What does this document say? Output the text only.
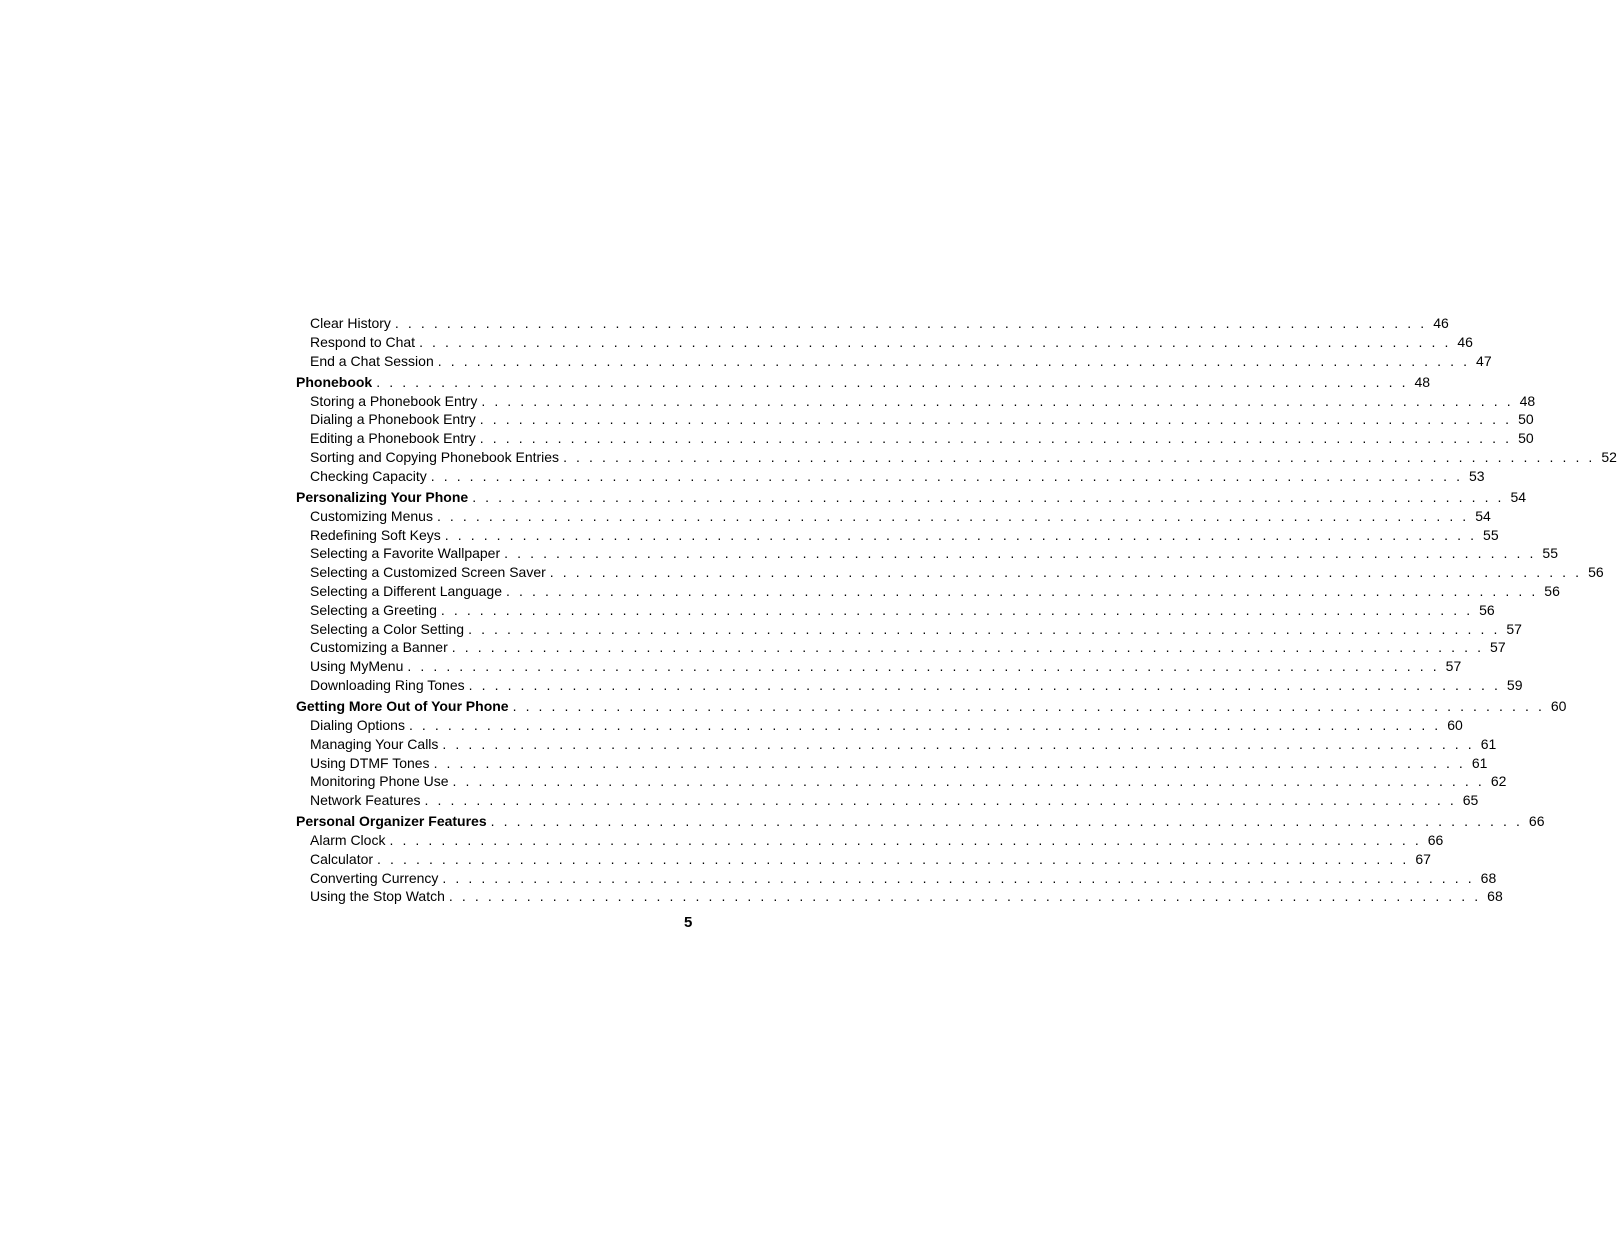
Clear History . . . . . . . . . . . . . . . . . . . . . . . . . . . . . . . . . . . . . . . . . . . . . . . . . . . . . . . . . . . . . . . . . . . . . . . . . . . . . . . . 46
Respond to Chat . . . . . . . . . . . . . . . . . . . . . . . . . . . . . . . . . . . . . . . . . . . . . . . . . . . . . . . . . . . . . . . . . . . . . . . . . . . . . . . . 46
End a Chat Session . . . . . . . . . . . . . . . . . . . . . . . . . . . . . . . . . . . . . . . . . . . . . . . . . . . . . . . . . . . . . . . . . . . . . . . . . . . . . . . . 47
Phonebook . . . . . . . . . . . . . . . . . . . . . . . . . . . . . . . . . . . . . . . . . . . . . . . . . . . . . . . . . . . . . . . . . . . . . . . . . . . . . . . . 48
Storing a Phonebook Entry . . . . . . . . . . . . . . . . . . . . . . . . . . . . . . . . . . . . . . . . . . . . . . . . . . . . . . . . . . . . . . . . . . . . . . . . . . . . . . . . 48
Dialing a Phonebook Entry . . . . . . . . . . . . . . . . . . . . . . . . . . . . . . . . . . . . . . . . . . . . . . . . . . . . . . . . . . . . . . . . . . . . . . . . . . . . . . . . 50
Editing a Phonebook Entry . . . . . . . . . . . . . . . . . . . . . . . . . . . . . . . . . . . . . . . . . . . . . . . . . . . . . . . . . . . . . . . . . . . . . . . . . . . . . . . . 50
Sorting and Copying Phonebook Entries . . . . . . . . . . . . . . . . . . . . . . . . . . . . . . . . . . . . . . . . . . . . . . . . . . . . . . . . . . . . . . . . . . . . . . . . . . . . . . . . 52
Checking Capacity . . . . . . . . . . . . . . . . . . . . . . . . . . . . . . . . . . . . . . . . . . . . . . . . . . . . . . . . . . . . . . . . . . . . . . . . . . . . . . . . 53
Personalizing Your Phone . . . . . . . . . . . . . . . . . . . . . . . . . . . . . . . . . . . . . . . . . . . . . . . . . . . . . . . . . . . . . . . . . . . . . . . . . . . . . . . . 54
Customizing Menus . . . . . . . . . . . . . . . . . . . . . . . . . . . . . . . . . . . . . . . . . . . . . . . . . . . . . . . . . . . . . . . . . . . . . . . . . . . . . . . . 54
Redefining Soft Keys . . . . . . . . . . . . . . . . . . . . . . . . . . . . . . . . . . . . . . . . . . . . . . . . . . . . . . . . . . . . . . . . . . . . . . . . . . . . . . . . 55
Selecting a Favorite Wallpaper . . . . . . . . . . . . . . . . . . . . . . . . . . . . . . . . . . . . . . . . . . . . . . . . . . . . . . . . . . . . . . . . . . . . . . . . . . . . . . . . 55
Selecting a Customized Screen Saver . . . . . . . . . . . . . . . . . . . . . . . . . . . . . . . . . . . . . . . . . . . . . . . . . . . . . . . . . . . . . . . . . . . . . . . . . . . . . . . . 56
Selecting a Different Language . . . . . . . . . . . . . . . . . . . . . . . . . . . . . . . . . . . . . . . . . . . . . . . . . . . . . . . . . . . . . . . . . . . . . . . . . . . . . . . . 56
Selecting a Greeting . . . . . . . . . . . . . . . . . . . . . . . . . . . . . . . . . . . . . . . . . . . . . . . . . . . . . . . . . . . . . . . . . . . . . . . . . . . . . . . . 56
Selecting a Color Setting . . . . . . . . . . . . . . . . . . . . . . . . . . . . . . . . . . . . . . . . . . . . . . . . . . . . . . . . . . . . . . . . . . . . . . . . . . . . . . . . 57
Customizing a Banner . . . . . . . . . . . . . . . . . . . . . . . . . . . . . . . . . . . . . . . . . . . . . . . . . . . . . . . . . . . . . . . . . . . . . . . . . . . . . . . . 57
Using MyMenu . . . . . . . . . . . . . . . . . . . . . . . . . . . . . . . . . . . . . . . . . . . . . . . . . . . . . . . . . . . . . . . . . . . . . . . . . . . . . . . . 57
Downloading Ring Tones . . . . . . . . . . . . . . . . . . . . . . . . . . . . . . . . . . . . . . . . . . . . . . . . . . . . . . . . . . . . . . . . . . . . . . . . . . . . . . . . 59
Getting More Out of Your Phone . . . . . . . . . . . . . . . . . . . . . . . . . . . . . . . . . . . . . . . . . . . . . . . . . . . . . . . . . . . . . . . . . . . . . . . . . . . . . . . . 60
Dialing Options . . . . . . . . . . . . . . . . . . . . . . . . . . . . . . . . . . . . . . . . . . . . . . . . . . . . . . . . . . . . . . . . . . . . . . . . . . . . . . . . 60
Managing Your Calls . . . . . . . . . . . . . . . . . . . . . . . . . . . . . . . . . . . . . . . . . . . . . . . . . . . . . . . . . . . . . . . . . . . . . . . . . . . . . . . . 61
Using DTMF Tones . . . . . . . . . . . . . . . . . . . . . . . . . . . . . . . . . . . . . . . . . . . . . . . . . . . . . . . . . . . . . . . . . . . . . . . . . . . . . . . . 61
Monitoring Phone Use . . . . . . . . . . . . . . . . . . . . . . . . . . . . . . . . . . . . . . . . . . . . . . . . . . . . . . . . . . . . . . . . . . . . . . . . . . . . . . . . 62
Network Features . . . . . . . . . . . . . . . . . . . . . . . . . . . . . . . . . . . . . . . . . . . . . . . . . . . . . . . . . . . . . . . . . . . . . . . . . . . . . . . . 65
Personal Organizer Features . . . . . . . . . . . . . . . . . . . . . . . . . . . . . . . . . . . . . . . . . . . . . . . . . . . . . . . . . . . . . . . . . . . . . . . . . . . . . . . . 66
Alarm Clock . . . . . . . . . . . . . . . . . . . . . . . . . . . . . . . . . . . . . . . . . . . . . . . . . . . . . . . . . . . . . . . . . . . . . . . . . . . . . . . . 66
Calculator . . . . . . . . . . . . . . . . . . . . . . . . . . . . . . . . . . . . . . . . . . . . . . . . . . . . . . . . . . . . . . . . . . . . . . . . . . . . . . . . 67
Converting Currency . . . . . . . . . . . . . . . . . . . . . . . . . . . . . . . . . . . . . . . . . . . . . . . . . . . . . . . . . . . . . . . . . . . . . . . . . . . . . . . . 68
Using the Stop Watch . . . . . . . . . . . . . . . . . . . . . . . . . . . . . . . . . . . . . . . . . . . . . . . . . . . . . . . . . . . . . . . . . . . . . . . . . . . . . . . . 68
5
